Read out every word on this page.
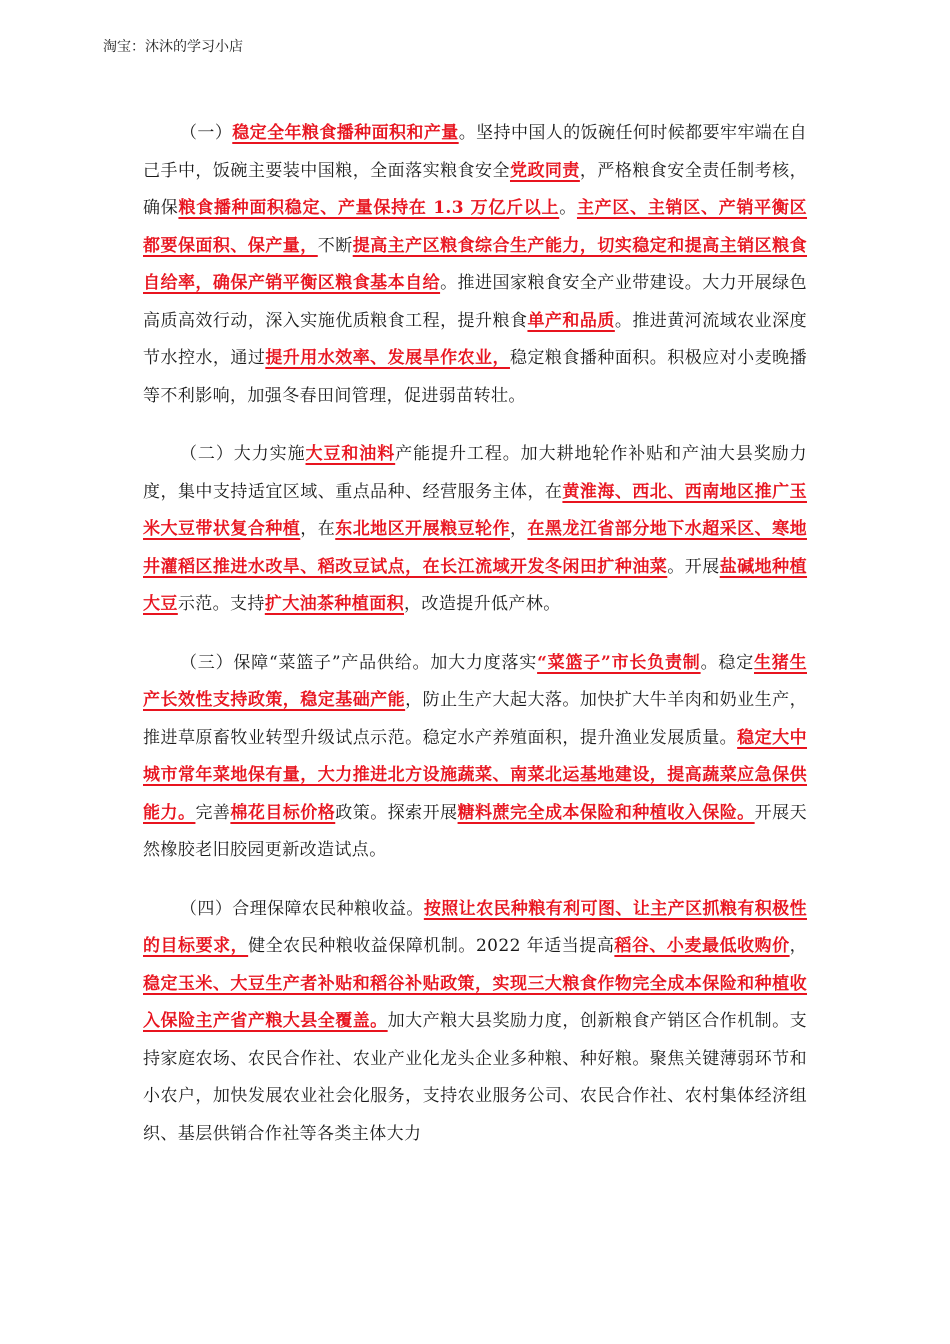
淘宝：沐沐的学习小店

（一）稳定全年粮食播种面积和产量。坚持中国人的饭碗任何时候都要牢牢端在自己手中，饭碗主要装中国粮，全面落实粮食安全党政同责，严格粮食安全责任制考核，确保粮食播种面积稳定、产量保持在 1.3 万亿斤以上。主产区、主销区、产销平衡区都要保面积、保产量，不断提高主产区粮食综合生产能力，切实稳定和提高主销区粮食自给率，确保产销平衡区粮食基本自给。推进国家粮食安全产业带建设。大力开展绿色高质高效行动，深入实施优质粮食工程，提升粮食单产和品质。推进黄河流域农业深度节水控水，通过提升用水效率、发展旱作农业，稳定粮食播种面积。积极应对小麦晚播等不利影响，加强冬春田间管理，促进弱苗转壮。

（二）大力实施大豆和油料产能提升工程。加大耕地轮作补贴和产油大县奖励力度，集中支持适宜区域、重点品种、经营服务主体，在黄淮海、西北、西南地区推广玉米大豆带状复合种植，在东北地区开展粮豆轮作，在黑龙江省部分地下水超采区、寒地井灌稻区推进水改旱、稻改豆试点，在长江流域开发冬闲田扩种油菜。开展盐碱地种植大豆示范。支持扩大油茶种植面积，改造提升低产林。

（三）保障“菜篮子”产品供给。加大力度落实“菜篮子”市长负责制。稳定生猪生产长效性支持政策，稳定基础产能，防止生产大起大落。加快扩大牛羊肉和奶业生产，推进草原畜牧业转型升级试点示范。稳定水产养殖面积，提升渔业发展质量。稳定大中城市常年菜地保有量，大力推进北方设施蔬菜、南菜北运基地建设，提高蔬菜应急保供能力。完善棉花目标价格政策。探索开展糖料蔗完全成本保险和种植收入保险。开展天然橡胶老旧胶园更新改造试点。

（四）合理保障农民种粮收益。按照让农民种粮有利可图、让主产区抓粮有积极性的目标要求，健全农民种粮收益保障机制。2022 年适当提高稻谷、小麦最低收购价，稳定玉米、大豆生产者补贴和稻谷补贴政策，实现三大粮食作物完全成本保险和种植收入保险主产省产粮大县全覆盖。加大产粮大县奖励力度，创新粮食产销区合作机制。支持家庭农场、农民合作社、农业产业化龙头企业多种粮、种好粮。聚焦关键薄弱环节和小农户，加快发展农业社会化服务，支持农业服务公司、农民合作社、农村集体经济组织、基层供销合作社等各类主体大力
